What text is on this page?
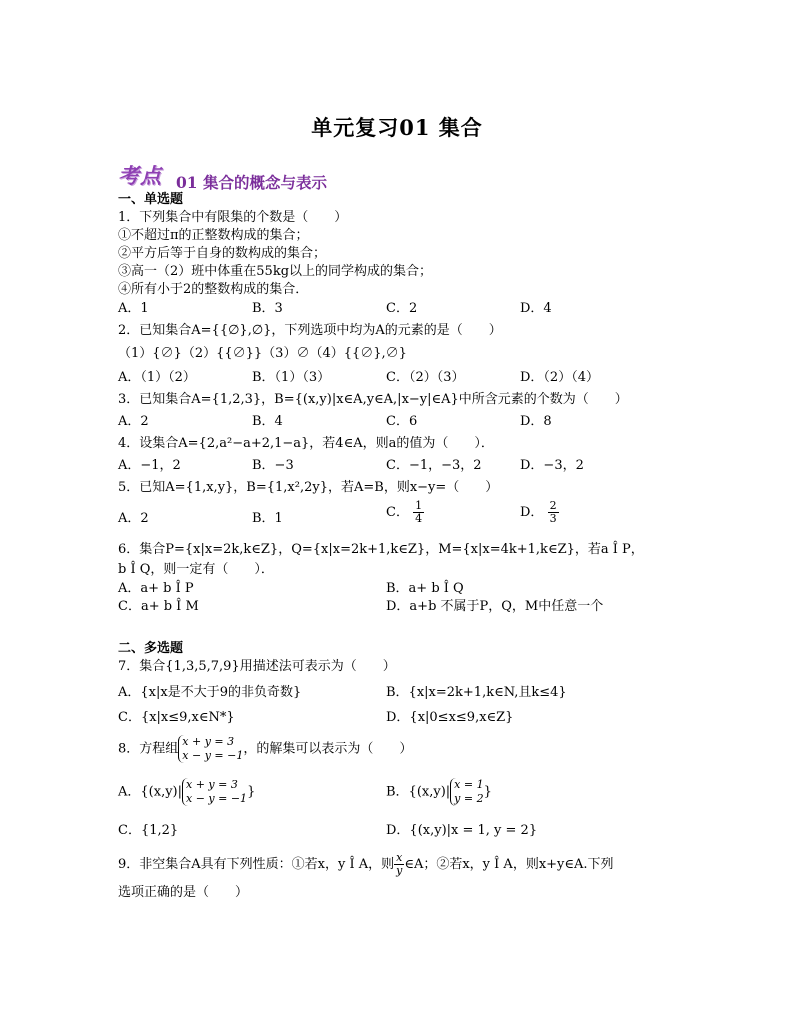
单元复习01 集合
考点 01 集合的概念与表示
一、单选题
1．下列集合中有限集的个数是（　　）
①不超过π的正整数构成的集合；
②平方后等于自身的数构成的集合；
③高一（2）班中体重在55kg以上的同学构成的集合；
④所有小于2的整数构成的集合．
A．1	B．3	C．2	D．4
2．已知集合A={{∅},∅}，下列选项中均为A的元素的是（　　）
（1）{∅}（2）{{∅}}（3）∅（4）{{∅},∅}
A．（1）（2）	B．（1）（3）	C．（2）（3）	D．（2）（4）
3．已知集合A={1,2,3}，B={(x,y)|x∈A,y∈A,|x−y|∈A}中所含元素的个数为（　　）
A．2	B．4	C．6	D．8
4．设集合A={2,a²−a+2,1−a}，若4∈A，则a的值为（　　）．
A．−1，2	B．−3	C．−1，−3，2	D．−3，2
5．已知A={1,x,y}，B={1,x²,2y}，若A=B，则x−y=（　　）
A．2	B．1	C． $\frac{1}{4}$	D． $\frac{2}{3}$
6．集合P={x|x=2k,k∈Z}，Q={x|x=2k+1,k∈Z}，M={x|x=4k+1,k∈Z}，若a Î P，
b Î Q，则一定有（　　）．
A．a+ b Î P	B．a+ b Î Q
C．a+ b Î M	D．a+b 不属于P，Q，M中任意一个
二、多选题
7．集合{1,3,5,7,9}用描述法可表示为（　　）
A．{x|x是不大于9的非负奇数}	B．{x|x=2k+1,k∈N,且k≤4}
C．{x|x≤9,x∈N*}	D．{x|0≤x≤9,x∈Z}
8．方程组 x + y = 3
x − y = −1，的解集可以表示为（　　）
A．{(x,y)| x + y = 3
x − y = −1}	B．{(x,y)| x = 1
y = 2}
C．{1,2}	D．{(x,y)|x = 1, y = 2}
9．非空集合A具有下列性质：①若x，y Î A，则 $\frac{x}{y}$ ∈A；②若x，y Î A，则x+y∈A.下列
选项正确的是（　　）
